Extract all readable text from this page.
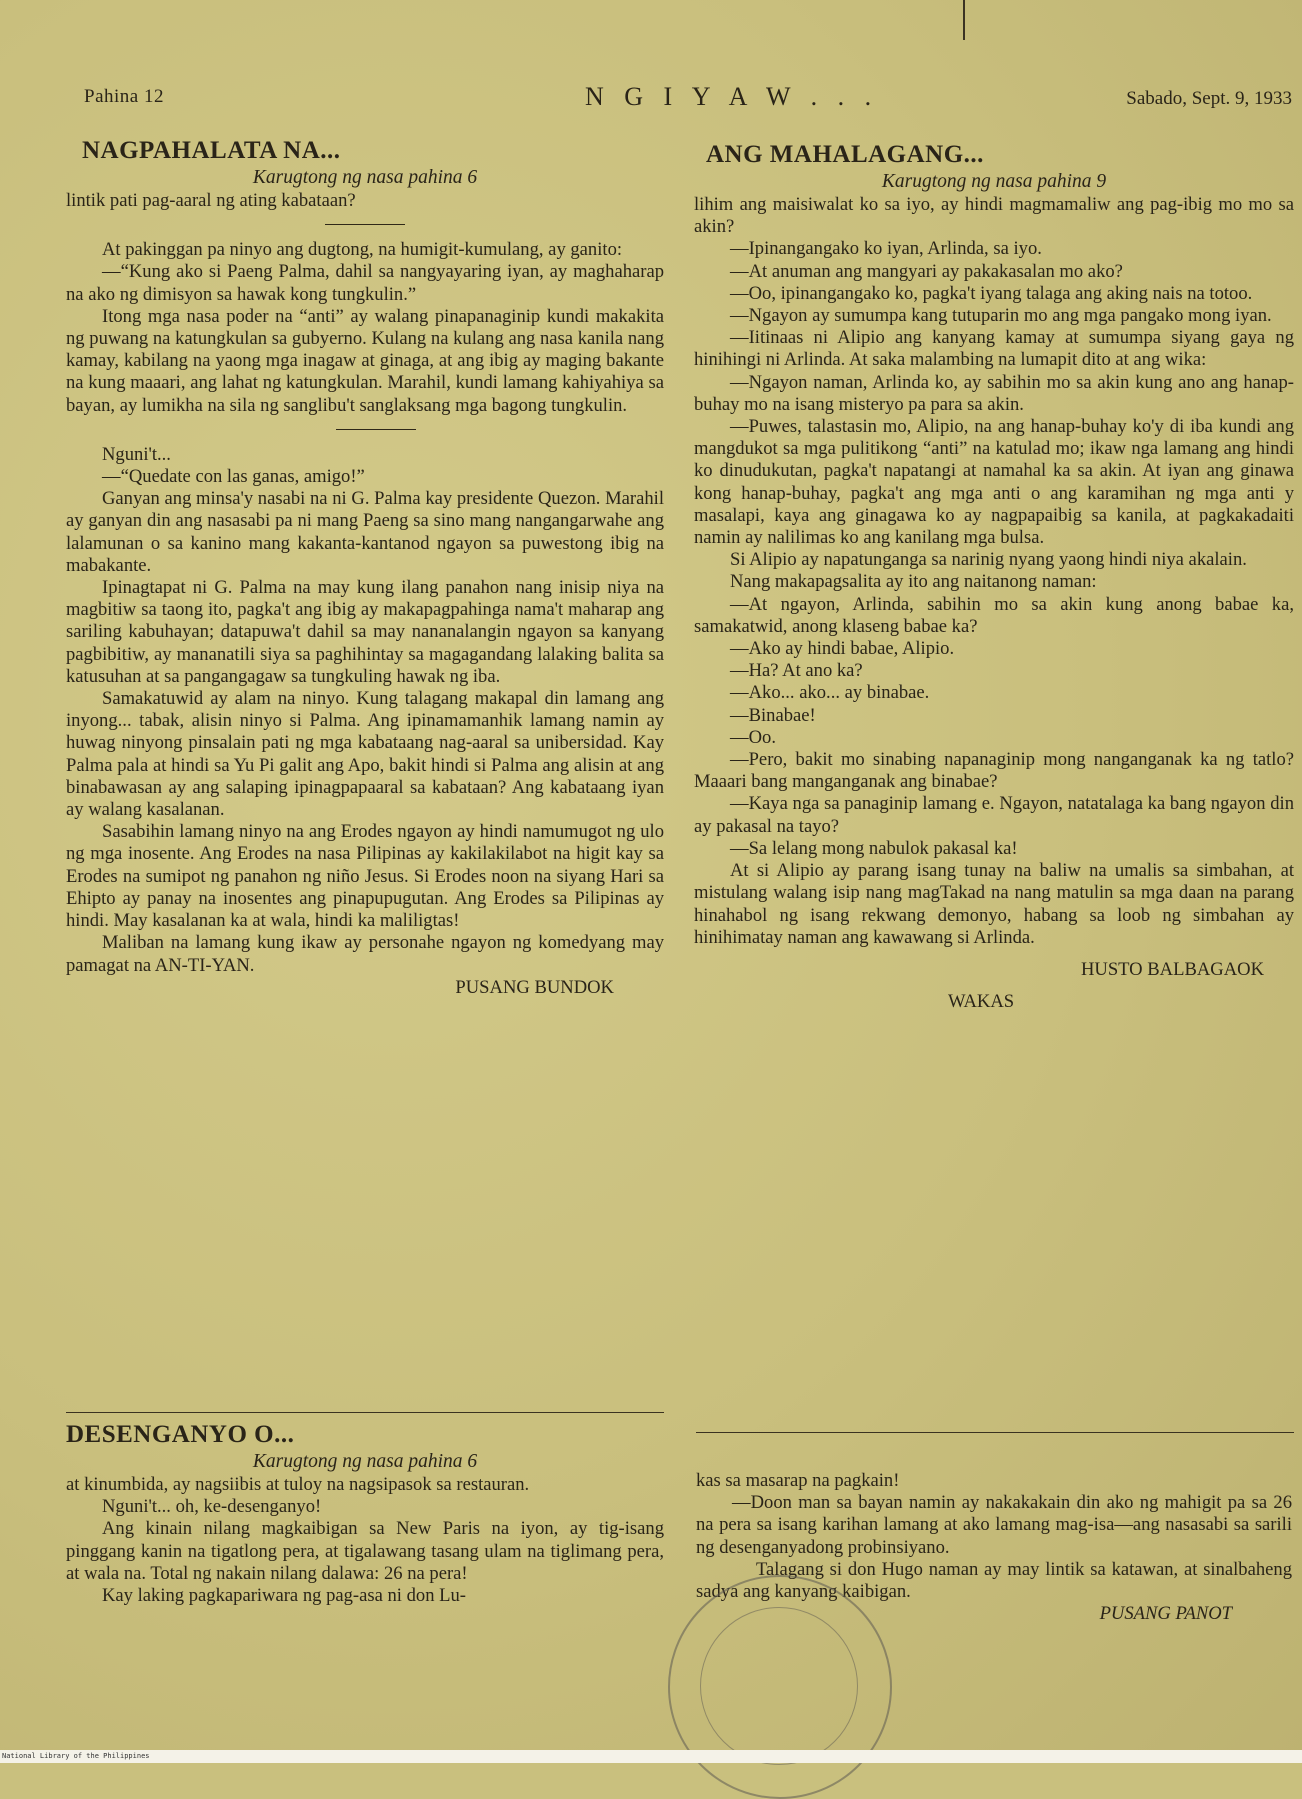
Pahina 12	N G I Y A W . . .	Sabado, Sept. 9, 1933
NAGPAHALATA NA...
Karugtong ng nasa pahina 6

lintik pati pag-aaral ng ating kabataan?

At pakinggan pa ninyo ang dugtong, na humigit-kumulang, ay ganito:

—“Kung ako si Paeng Palma, dahil sa nangyayaring iyan, ay maghaharap na ako ng dimisyon sa hawak kong tungkulin.”

Itong mga nasa poder na “anti” ay walang pinapanaginip kundi makakita ng puwang na katungkulan sa gubyerno. Kulang na kulang ang nasa kanila nang kamay, kabilang na yaong mga inagaw at ginaga, at ang ibig ay maging bakante na kung maaari, ang lahat ng katungkulan. Marahil, kundi lamang kahiyahiya sa bayan, ay lumikha na sila ng sanglibu't sanglaksang mga bagong tungkulin.

Nguni't...

—“Quedate con las ganas, amigo!”

Ganyan ang minsa'y nasabi na ni G. Palma kay presidente Quezon. Marahil ay ganyan din ang nasasabi pa ni mang Paeng sa sino mang nangangarwahe ang lalamunan o sa kanino mang kakanta-kantanod ngayon sa puwestong ibig na mabakante.

Ipinagtapat ni G. Palma na may kung ilang panahon nang inisip niya na magbitiw sa taong ito, pagka't ang ibig ay makapagpahinga nama't maharap ang sariling kabuhayan; datapuwa't dahil sa may nananalangin ngayon sa kanyang pagbibitiw, ay mananatili siya sa paghihintay sa magagandang lalaking balita sa katusuhan at sa pangangagaw sa tungkuling hawak ng iba.

Samakatuwid ay alam na ninyo. Kung talagang makapal din lamang ang inyong... tabak, alisin ninyo si Palma. Ang ipinamamanhik lamang namin ay huwag ninyong pinsalain pati ng mga kabataang nag-aaral sa unibersidad. Kay Palma pala at hindi sa Yu Pi galit ang Apo, bakit hindi si Palma ang alisin at ang binabawasan ay ang salaping ipinagpapaaral sa kabataan? Ang kabataang iyan ay walang kasalanan.

Sasabihin lamang ninyo na ang Erodes ngayon ay hindi namumugot ng ulo ng mga inosente. Ang Erodes na nasa Pilipinas ay kakilakilabot na higit kay sa Erodes na sumipot ng panahon ng niño Jesus. Si Erodes noon na siyang Hari sa Ehipto ay panay na inosentes ang pinapupugutan. Ang Erodes sa Pilipinas ay hindi. May kasalanan ka at wala, hindi ka maliligtas!

Maliban na lamang kung ikaw ay personahe ngayon ng komedyang may pamagat na AN-TI-YAN.

PUSANG BUNDOK

DESENGANYO O...
Karugtong ng nasa pahina 6

at kinumbida, ay nagsiibis at tuloy na nagsipasok sa restauran.

Nguni't... oh, ke-desenganyo!

Ang kinain nilang magkaibigan sa New Paris na iyon, ay tig-isang pinggang kanin na tigatlong pera, at tigalawang tasang ulam na tiglimang pera, at wala na. Total ng nakain nilang dalawa: 26 na pera!

Kay laking pagkapariwara ng pag-asa ni don Lu-

ANG MAHALAGANG...
Karugtong ng nasa pahina 9

lihim ang maisiwalat ko sa iyo, ay hindi magmamaliw ang pag-ibig mo mo sa akin?

—Ipinangangako ko iyan, Arlinda, sa iyo.

—At anuman ang mangyari ay pakakasalan mo ako?

—Oo, ipinangangako ko, pagka't iyang talaga ang aking nais na totoo.

—Ngayon ay sumumpa kang tutuparin mo ang mga pangako mong iyan.

—Iitinaas ni Alipio ang kanyang kamay at sumumpa siyang gaya ng hinihingi ni Arlinda. At saka malambing na lumapit dito at ang wika:

—Ngayon naman, Arlinda ko, ay sabihin mo sa akin kung ano ang hanap-buhay mo na isang misteryo pa para sa akin.

—Puwes, talastasin mo, Alipio, na ang hanap-buhay ko'y di iba kundi ang mangdukot sa mga pulitikong “anti” na katulad mo; ikaw nga lamang ang hindi ko dinudukutan, pagka't napatangi at namahal ka sa akin. At iyan ang ginawa kong hanap-buhay, pagka't ang mga anti o ang karamihan ng mga anti y masalapi, kaya ang ginagawa ko ay nagpapaibig sa kanila, at pagkakadaiti namin ay nalilimas ko ang kanilang mga bulsa.

Si Alipio ay napatunganga sa narinig nyang yaong hindi niya akalain.

Nang makapagsalita ay ito ang naitanong naman:

—At ngayon, Arlinda, sabihin mo sa akin kung anong babae ka, samakatwid, anong klaseng babae ka?

—Ako ay hindi babae, Alipio.

—Ha? At ano ka?

—Ako... ako... ay binabae.

—Binabae!

—Oo.

—Pero, bakit mo sinabing napanaginip mong nanganganak ka ng tatlo? Maaari bang manganganak ang binabae?

—Kaya nga sa panaginip lamang e. Ngayon, natatalaga ka bang ngayon din ay pakasal na tayo?

—Sa lelang mong nabulok pakasal ka!

At si Alipio ay parang isang tunay na baliw na umalis sa simbahan, at mistulang walang isip nang magTakad na nang matulin sa mga daan na parang hinahabol ng isang rekwang demonyo, habang sa loob ng simbahan ay hinihimatay naman ang kawawang si Arlinda.

HUSTO BALBAGAOK

WAKAS

kas sa masarap na pagkain!

—Doon man sa bayan namin ay nakakakain din ako ng mahigit pa sa 26 na pera sa isang karihan lamang at ako lamang mag-isa—ang nasasabi sa sarili ng desenganyadong probinsiyano.

Talagang si don Hugo naman ay may lintik sa katawan, at sinalbaheng sadya ang kanyang kaibigan.

PUSANG PANOT

National Library of the Philippines
